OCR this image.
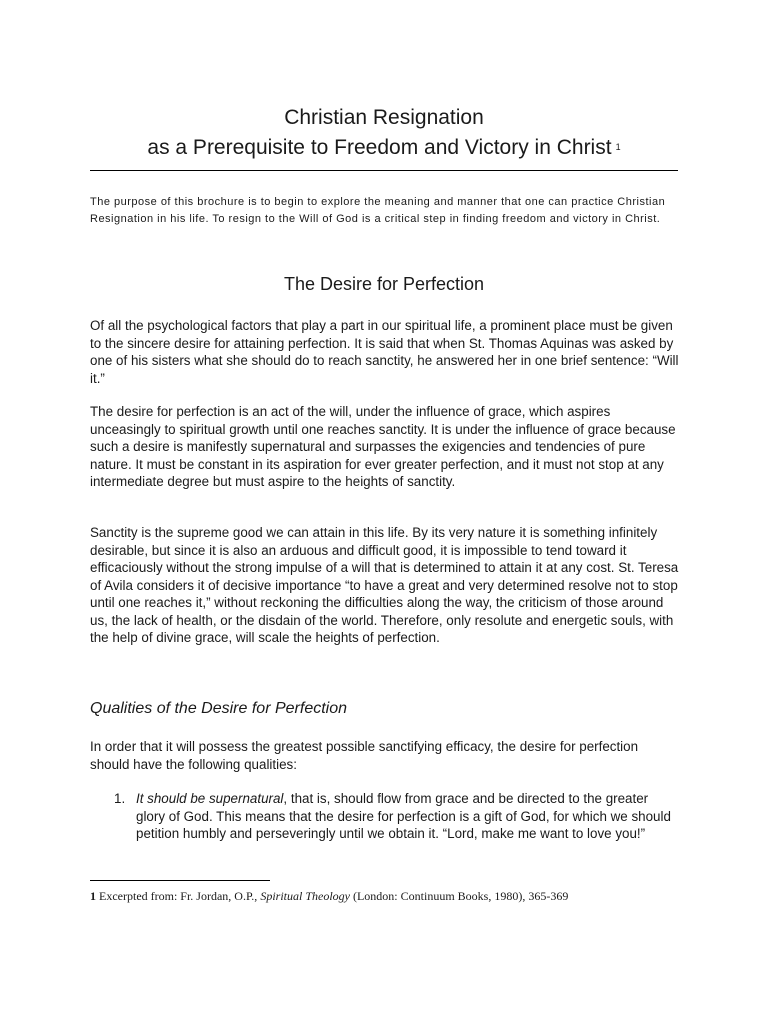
Christian Resignation
as a Prerequisite to Freedom and Victory in Christ $^1$
The purpose of this brochure is to begin to explore the meaning and manner that one can practice Christian Resignation in his life. To resign to the Will of God is a critical step in finding freedom and victory in Christ.
The Desire for Perfection
Of all the psychological factors that play a part in our spiritual life, a prominent place must be given to the sincere desire for attaining perfection. It is said that when St. Thomas Aquinas was asked by one of his sisters what she should do to reach sanctity, he answered her in one brief sentence: “Will it.”
The desire for perfection is an act of the will, under the influence of grace, which aspires unceasingly to spiritual growth until one reaches sanctity. It is under the influence of grace because such a desire is manifestly supernatural and surpasses the exigencies and tendencies of pure nature. It must be constant in its aspiration for ever greater perfection, and it must not stop at any intermediate degree but must aspire to the heights of sanctity.
Sanctity is the supreme good we can attain in this life. By its very nature it is something infinitely desirable, but since it is also an arduous and difficult good, it is impossible to tend toward it efficaciously without the strong impulse of a will that is determined to attain it at any cost. St. Teresa of Avila considers it of decisive importance “to have a great and very determined resolve not to stop until one reaches it,” without reckoning the difficulties along the way, the criticism of those around us, the lack of health, or the disdain of the world. Therefore, only resolute and energetic souls, with the help of divine grace, will scale the heights of perfection.
Qualities of the Desire for Perfection
In order that it will possess the greatest possible sanctifying efficacy, the desire for perfection should have the following qualities:
1. It should be supernatural, that is, should flow from grace and be directed to the greater glory of God. This means that the desire for perfection is a gift of God, for which we should petition humbly and perseveringly until we obtain it. “Lord, make me want to love you!”
1 Excerpted from: Fr. Jordan, O.P., Spiritual Theology (London: Continuum Books, 1980), 365-369
